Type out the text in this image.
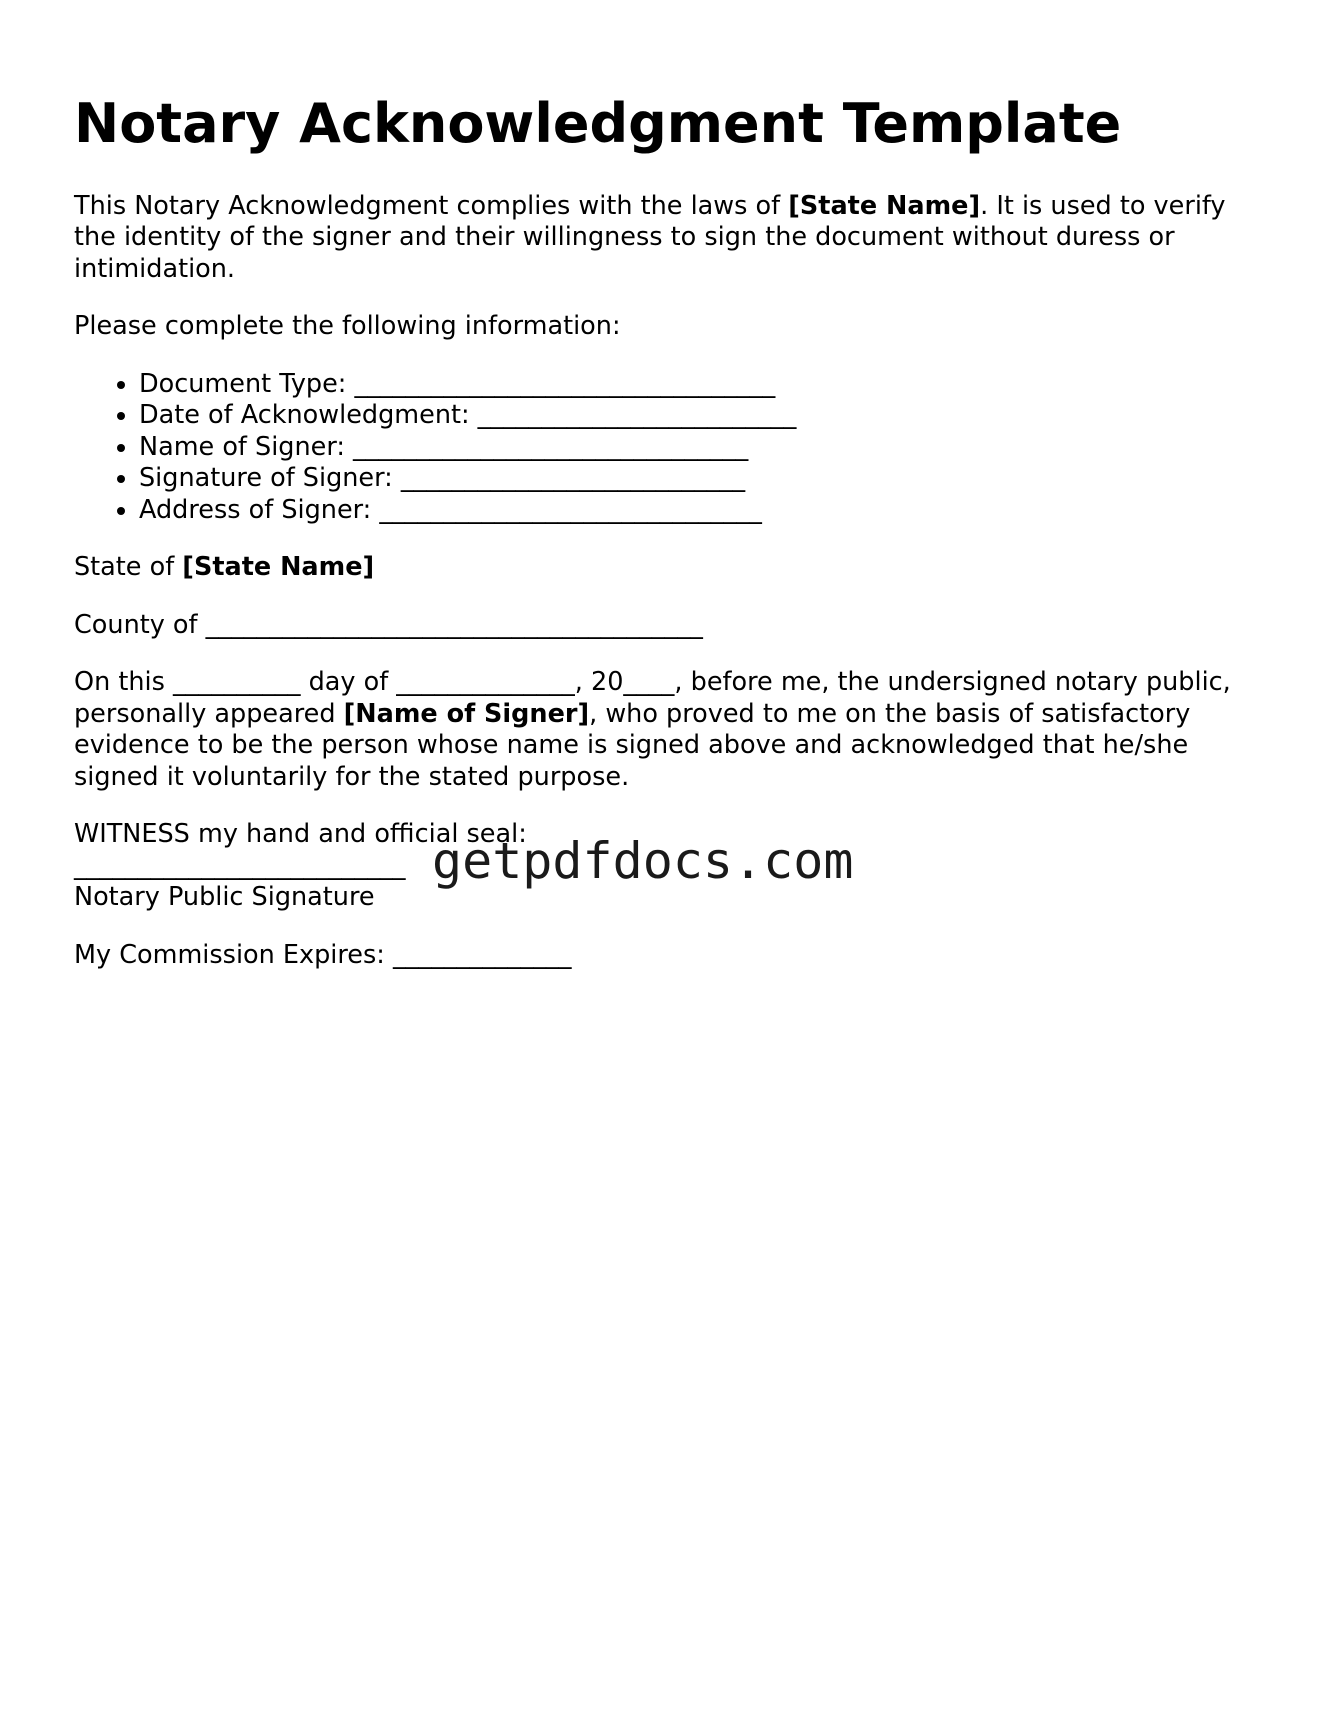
Notary Acknowledgment Template

This Notary Acknowledgment complies with the laws of [State Name]. It is used to verify the identity of the signer and their willingness to sign the document without duress or intimidation.

Please complete the following information:

• Document Type: _________________________________
• Date of Acknowledgment: _________________________
• Name of Signer: _______________________________
• Signature of Signer: ___________________________
• Address of Signer: ______________________________

State of [State Name]

County of _______________________________________

On this __________ day of ______________, 20____, before me, the undersigned notary public, personally appeared [Name of Signer], who proved to me on the basis of satisfactory evidence to be the person whose name is signed above and acknowledged that he/she signed it voluntarily for the stated purpose.

WITNESS my hand and official seal:
__________________________
Notary Public Signature

My Commission Expires: ______________

getpdfdocs.com
